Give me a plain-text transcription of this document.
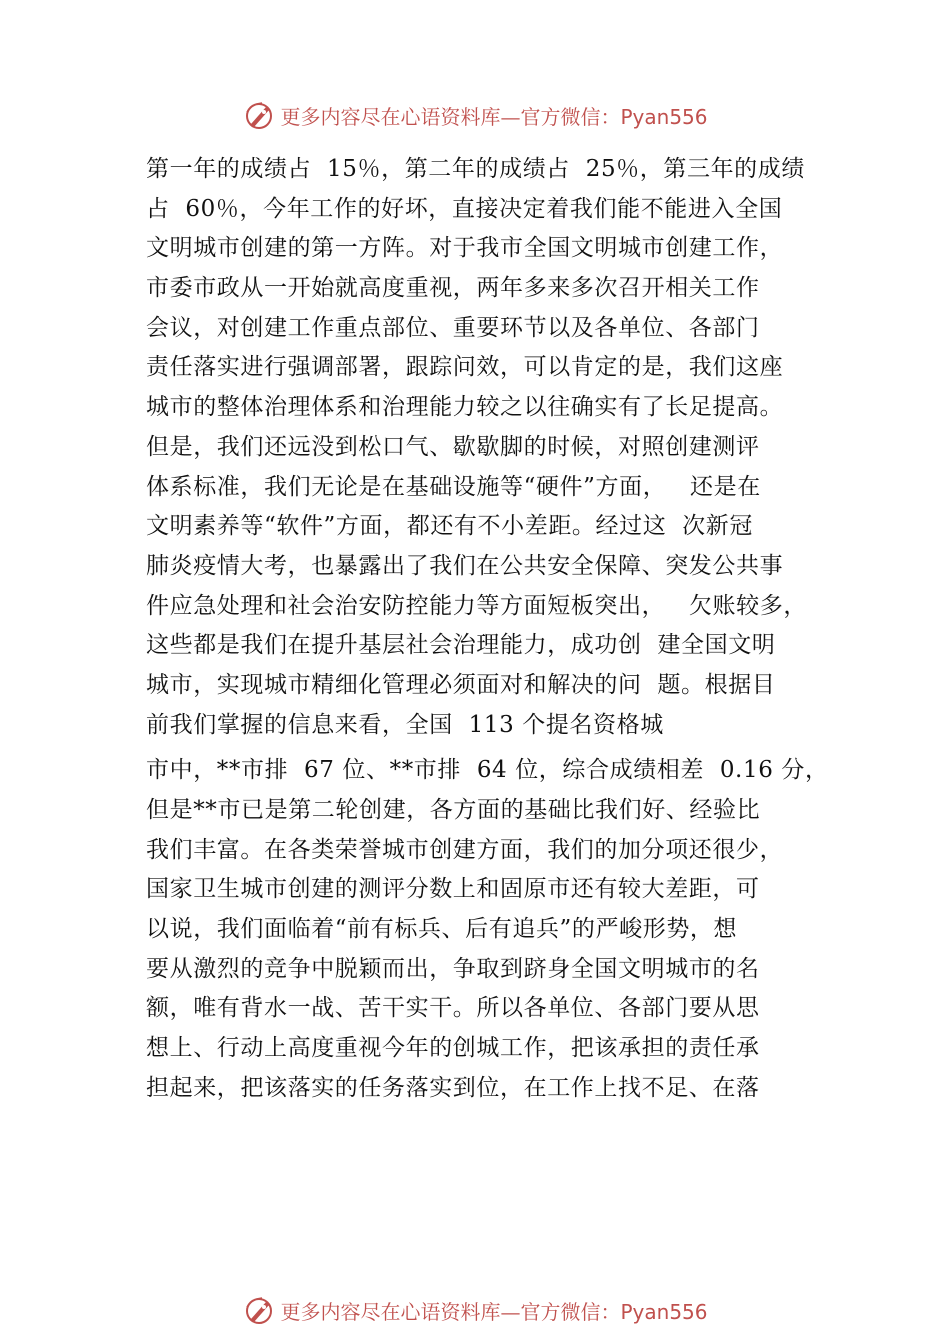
更多内容尽在心语资料库—官方微信：Pyan556
第一年的成绩占  15％，第二年的成绩占  25％，第三年的成绩
占  60％，今年工作的好坏，直接决定着我们能不能进入全国
文明城市创建的第一方阵。对于我市全国文明城市创建工作，
市委市政从一开始就高度重视，两年多来多次召开相关工作
会议，对创建工作重点部位、重要环节以及各单位、各部门
责任落实进行强调部署，跟踪问效，可以肯定的是，我们这座
城市的整体治理体系和治理能力较之以往确实有了长足提高。
但是，我们还远没到松口气、歇歇脚的时候，对照创建测评
体系标准，我们无论是在基础设施等“硬件”方面，   还是在
文明素养等“软件”方面，都还有不小差距。经过这  次新冠
肺炎疫情大考，也暴露出了我们在公共安全保障、突发公共事
件应急处理和社会治安防控能力等方面短板突出，   欠账较多，
这些都是我们在提升基层社会治理能力，成功创  建全国文明
城市，实现城市精细化管理必须面对和解决的问  题。根据目
前我们掌握的信息来看，全国  113 个提名资格城
市中，**市排  67 位、**市排  64 位，综合成绩相差  0.16 分，
但是**市已是第二轮创建，各方面的基础比我们好、经验比
我们丰富。在各类荣誉城市创建方面，我们的加分项还很少，
国家卫生城市创建的测评分数上和固原市还有较大差距，可
以说，我们面临着“前有标兵、后有追兵”的严峻形势，想
要从激烈的竞争中脱颖而出，争取到跻身全国文明城市的名
额，唯有背水一战、苦干实干。所以各单位、各部门要从思
想上、行动上高度重视今年的创城工作，把该承担的责任承
担起来，把该落实的任务落实到位，在工作上找不足、在落
更多内容尽在心语资料库—官方微信：Pyan556
